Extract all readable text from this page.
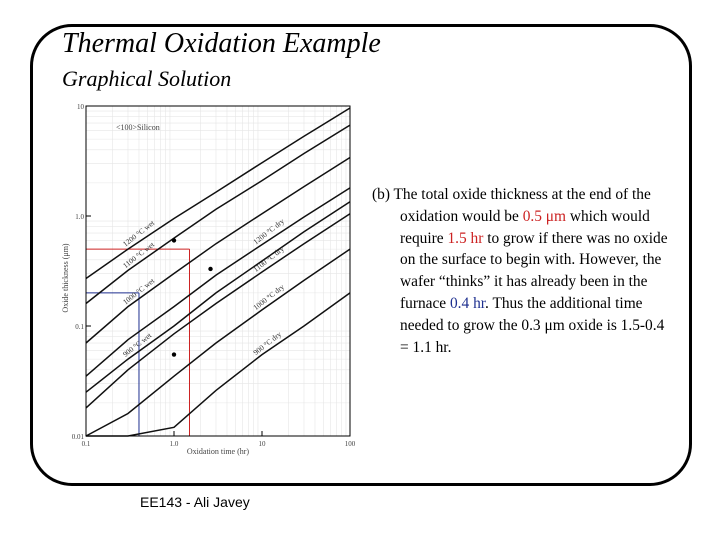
Thermal Oxidation Example
Graphical Solution
1200 °C wet
1100 °C wet
1000 °C wet
900 °C wet
1200 °C dry
1100 °C dry
1000 °C dry
900 °C dry
0.1	1.0	10	100
0.01
0.1
1.0
10
Oxidation time (hr)
Oxide thickness (μm)
<100>Silicon
(b) The total oxide thickness at the end of the oxidation would be 0.5 μm which would require 1.5 hr to grow if there was no oxide on the surface to begin with. However, the wafer “thinks” it has already been in the furnace 0.4 hr. Thus the additional time needed to grow the 0.3 μm oxide is 1.5-0.4 = 1.1 hr.
EE143 - Ali Javey
